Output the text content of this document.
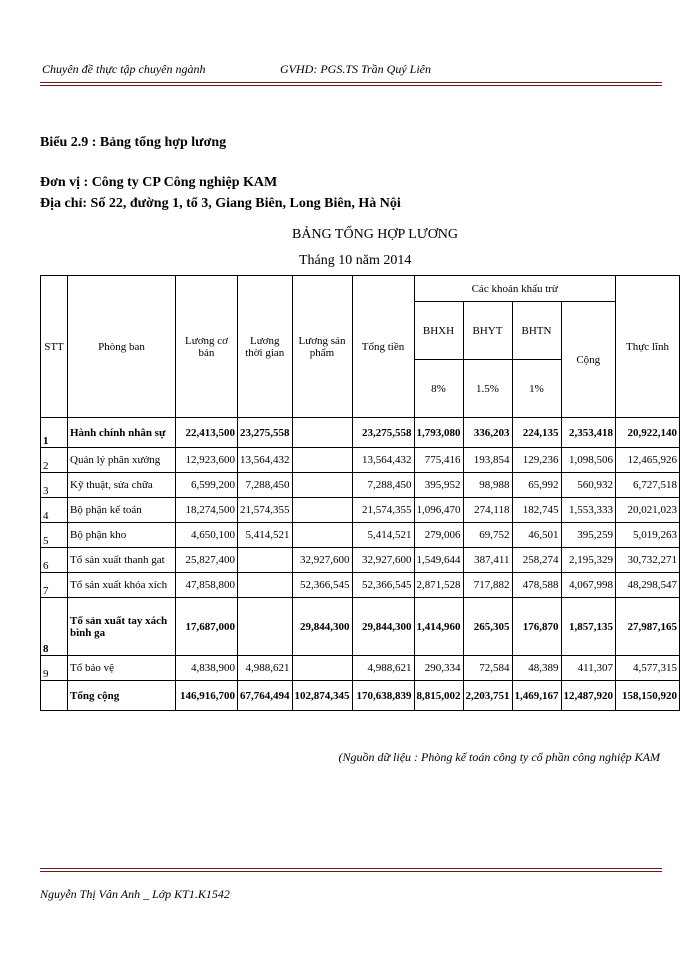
Chuyên đề thực tập chuyên ngành	GVHD: PGS.TS Trần Quý Liên
Biểu 2.9 : Bảng tổng hợp lương
Đơn vị : Công ty CP Công nghiệp KAM
Địa chỉ: Số 22, đường 1, tổ 3, Giang Biên, Long Biên, Hà Nội
BẢNG TỔNG HỢP LƯƠNG
Tháng 10 năm 2014
STT	Phòng ban	Lương cơ bản	Lương thời gian	Lương sản phẩm	Tổng tiền	Các khoản khấu trừ				Thực lĩnh
						BHXH	BHYT	BHTN	Cộng	
						8%	1.5%	1%		
1	Hành chính nhân sự	22,413,500	23,275,558		23,275,558	1,793,080	336,203	224,135	2,353,418	20,922,140
2	Quản lý phân xưởng	12,923,600	13,564,432		13,564,432	775,416	193,854	129,236	1,098,506	12,465,926
3	Kỹ thuật, sửa chữa	6,599,200	7,288,450		7,288,450	395,952	98,988	65,992	560,932	6,727,518
4	Bộ phận kế toán	18,274,500	21,574,355		21,574,355	1,096,470	274,118	182,745	1,553,333	20,021,023
5	Bộ phận kho	4,650,100	5,414,521		5,414,521	279,006	69,752	46,501	395,259	5,019,263
6	Tổ sản xuất thanh gat	25,827,400		32,927,600	32,927,600	1,549,644	387,411	258,274	2,195,329	30,732,271
7	Tổ sản xuất khóa xích	47,858,800		52,366,545	52,366,545	2,871,528	717,882	478,588	4,067,998	48,298,547
8	Tổ sản xuất tay xách bình ga	17,687,000		29,844,300	29,844,300	1,414,960	265,305	176,870	1,857,135	27,987,165
9	Tổ bảo vệ	4,838,900	4,988,621		4,988,621	290,334	72,584	48,389	411,307	4,577,315
	Tổng cộng	146,916,700	67,764,494	102,874,345	170,638,839	8,815,002	2,203,751	1,469,167	12,487,920	158,150,920
(Nguồn dữ liệu : Phòng kế toán công ty cổ phần công nghiệp KAM
Nguyễn Thị Vân Anh _ Lớp KT1.K1542
